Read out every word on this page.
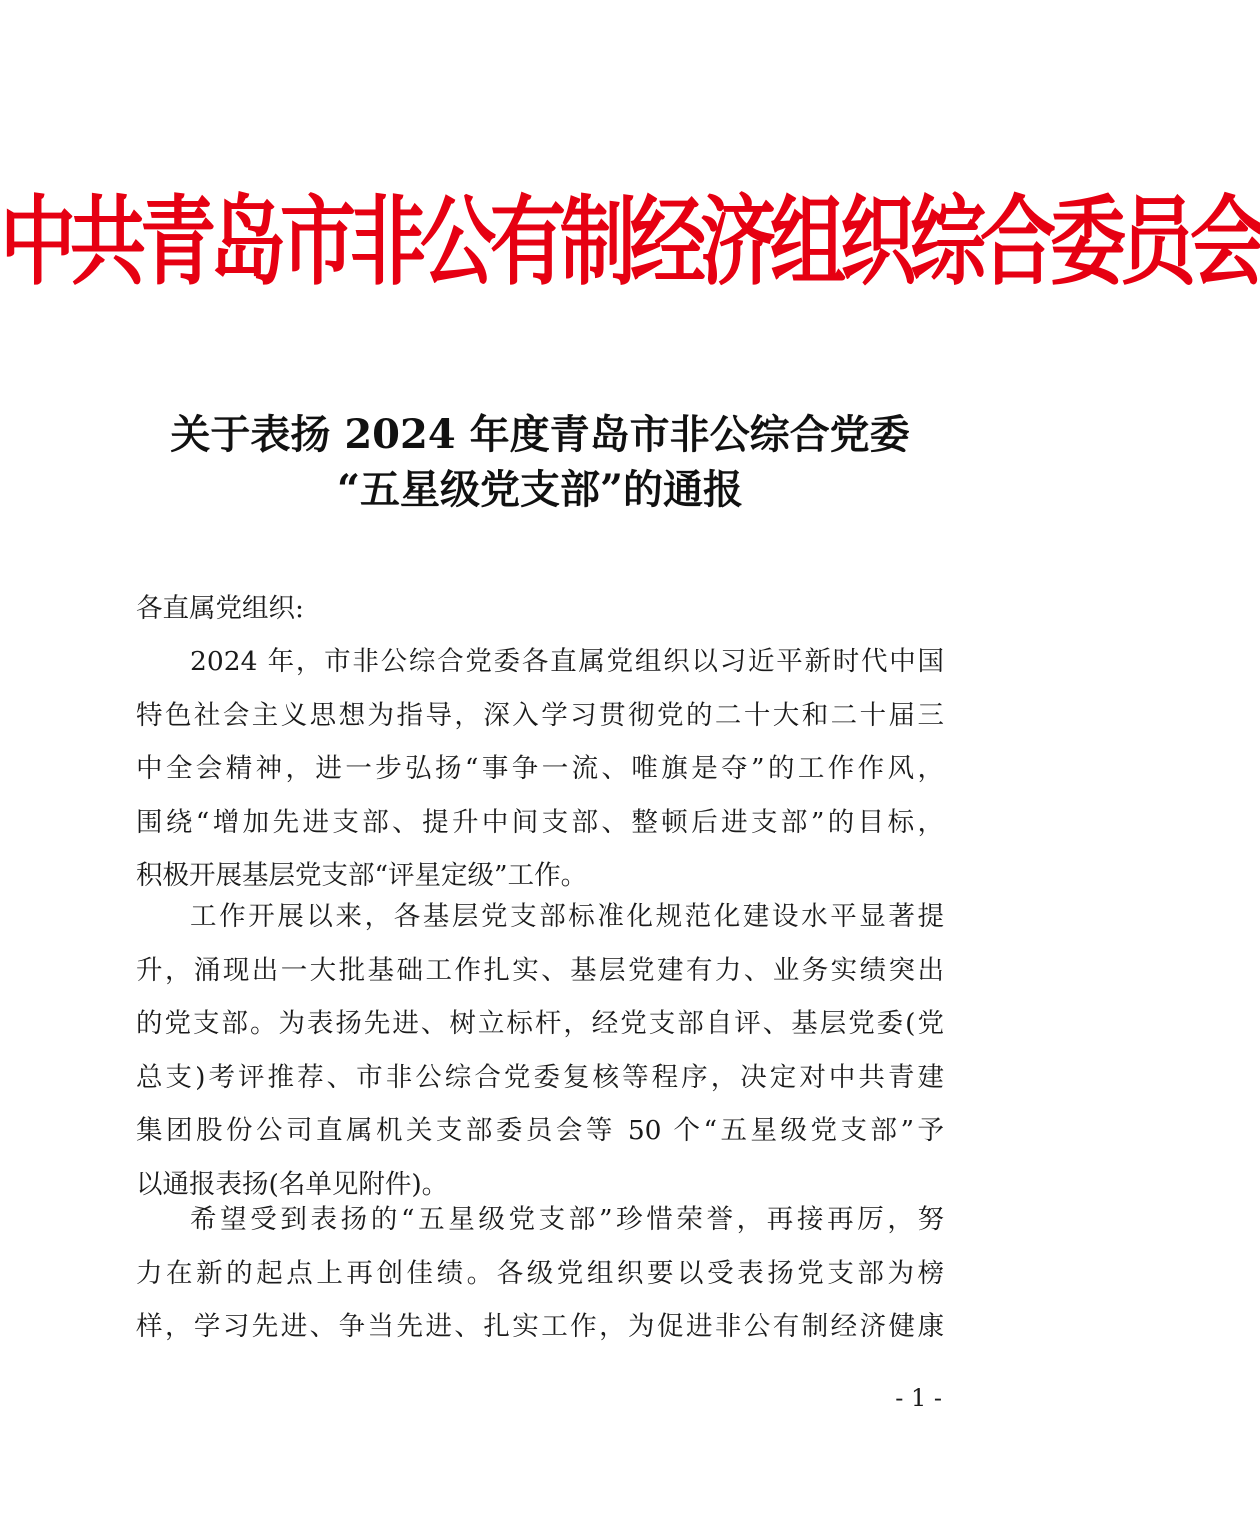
中共青岛市非公有制经济组织综合委员会
关于表扬 2024 年度青岛市非公综合党委
“五星级党支部”的通报
各直属党组织:
2024 年，市非公综合党委各直属党组织以习近平新时代中国
特色社会主义思想为指导，深入学习贯彻党的二十大和二十届三
中全会精神，进一步弘扬“事争一流、唯旗是夺”的工作作风，
围绕“增加先进支部、提升中间支部、整顿后进支部”的目标，
积极开展基层党支部“评星定级”工作。
工作开展以来，各基层党支部标准化规范化建设水平显著提
升，涌现出一大批基础工作扎实、基层党建有力、业务实绩突出
的党支部。为表扬先进、树立标杆，经党支部自评、基层党委(党
总支)考评推荐、市非公综合党委复核等程序，决定对中共青建
集团股份公司直属机关支部委员会等 50 个“五星级党支部”予
以通报表扬(名单见附件)。
希望受到表扬的“五星级党支部”珍惜荣誉，再接再厉，努
力在新的起点上再创佳绩。各级党组织要以受表扬党支部为榜
样，学习先进、争当先进、扎实工作，为促进非公有制经济健康
- 1 -
